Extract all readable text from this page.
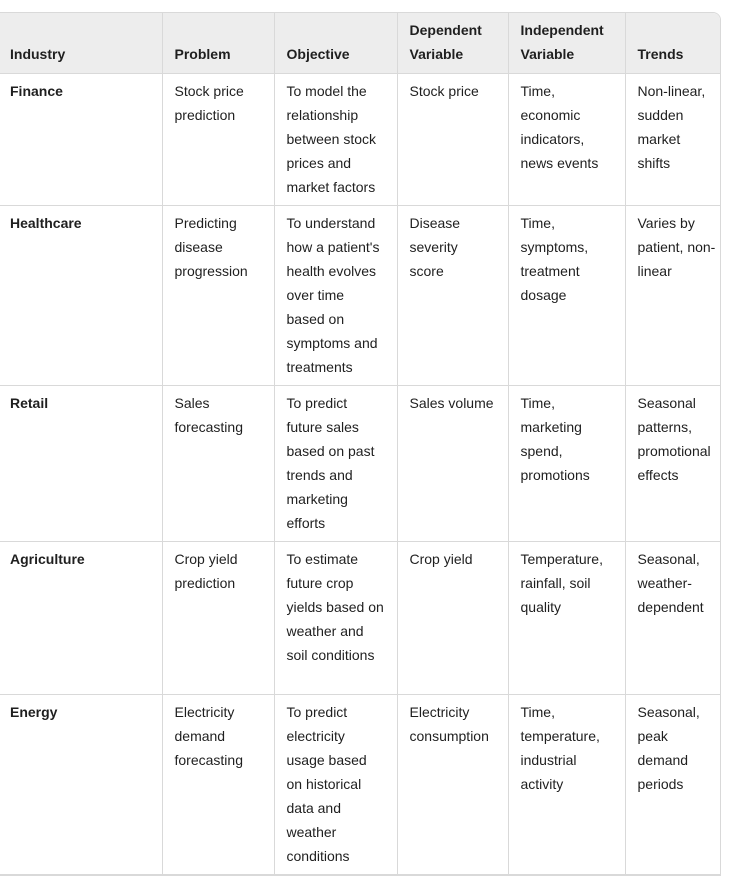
Industry	Problem	Objective	Dependent Variable	Independent Variable	Trends
Finance	Stock price prediction	To model the relationship between stock prices and market factors	Stock price	Time, economic indicators, news events	Non-linear, sudden market shifts
Healthcare	Predicting disease progression	To understand how a patient's health evolves over time based on symptoms and treatments	Disease severity score	Time, symptoms, treatment dosage	Varies by patient, non-linear
Retail	Sales forecasting	To predict future sales based on past trends and marketing efforts	Sales volume	Time, marketing spend, promotions	Seasonal patterns, promotional effects
Agriculture	Crop yield prediction	To estimate future crop yields based on weather and soil conditions	Crop yield	Temperature, rainfall, soil quality	Seasonal, weather-dependent
Energy	Electricity demand forecasting	To predict electricity usage based on historical data and weather conditions	Electricity consumption	Time, temperature, industrial activity	Seasonal, peak demand periods
